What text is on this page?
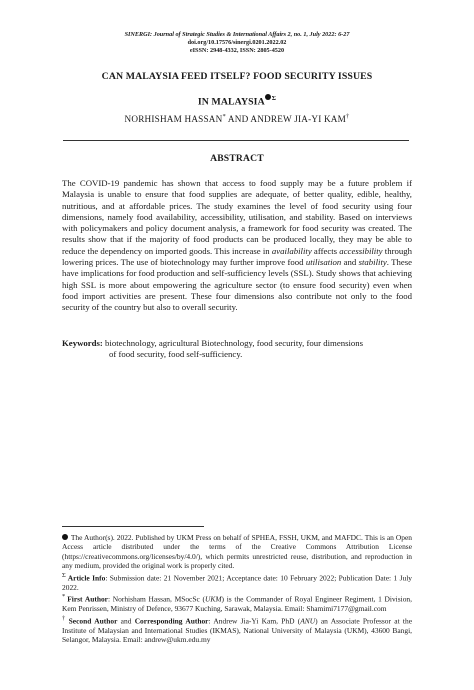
SINERGI: Journal of Strategic Studies & International Affairs 2, no. 1, July 2022: 6-27
doi.org/10.17576/sinergi.0201.2022.02
eISSN: 2948-4332, ISSN: 2805-4520
CAN MALAYSIA FEED ITSELF? FOOD SECURITY ISSUES
IN MALAYSIA $^\Sigma$
NORHISHAM HASSAN* AND ANDREW JIA-YI KAM†
ABSTRACT
The COVID-19 pandemic has shown that access to food supply may be a future problem if Malaysia is unable to ensure that food supplies are adequate, of better quality, edible, healthy, nutritious, and at affordable prices. The study examines the level of food security using four dimensions, namely food availability, accessibility, utilisation, and stability. Based on interviews with policymakers and policy document analysis, a framework for food security was created. The results show that if the majority of food products can be produced locally, they may be able to reduce the dependency on imported goods. This increase in availability affects accessibility through lowering prices. The use of biotechnology may further improve food utilisation and stability. These have implications for food production and self-sufficiency levels (SSL). Study shows that achieving high SSL is more about empowering the agriculture sector (to ensure food security) even when food import activities are present. These four dimensions also contribute not only to the food security of the country but also to overall security.
Keywords: biotechnology, agricultural Biotechnology, food security, four dimensions
of food security, food self-sufficiency.

The Author(s). 2022. Published by UKM Press on behalf of SPHEA, FSSH, UKM, and MAFDC. This is an Open Access article distributed under the terms of the Creative Commons Attribution License (https://creativecommons.org/licenses/by/4.0/), which permits unrestricted reuse, distribution, and reproduction in any medium, provided the original work is properly cited.

Σ Article Info: Submission date: 21 November 2021; Acceptance date: 10 February 2022; Publication Date: 1 July 2022.

* First Author: Norhisham Hassan, MSocSc (UKM) is the Commander of Royal Engineer Regiment, 1 Division, Kem Penrissen, Ministry of Defence, 93677 Kuching, Sarawak, Malaysia. Email: Shamimi7177@gmail.com

† Second Author and Corresponding Author: Andrew Jia-Yi Kam, PhD (ANU) an Associate Professor at the Institute of Malaysian and International Studies (IKMAS), National University of Malaysia (UKM), 43600 Bangi, Selangor, Malaysia. Email: andrew@ukm.edu.my
